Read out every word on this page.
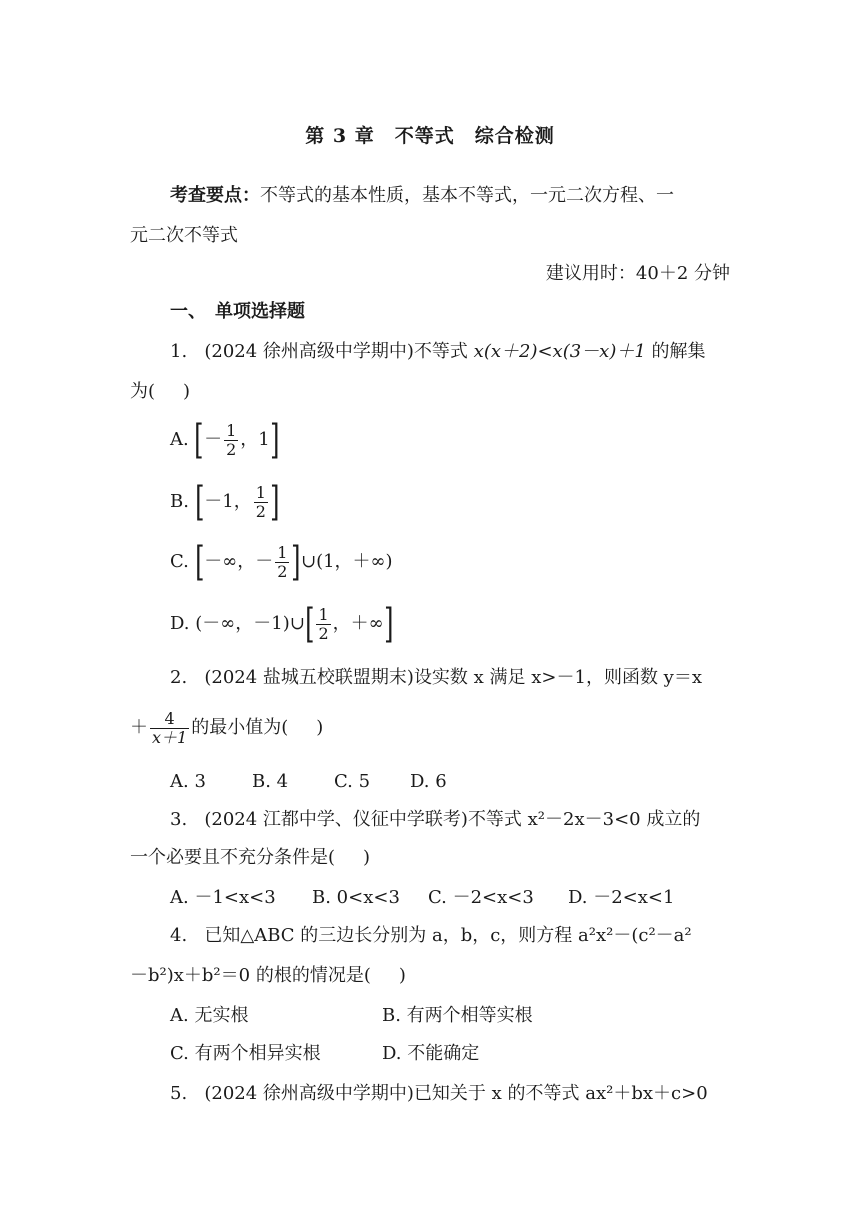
第 3 章　不等式　综合检测
考查要点：不等式的基本性质，基本不等式，一元二次方程、一
元二次不等式
建议用时：40＋2 分钟
一、　单项选择题
1. (2024 徐州高级中学期中)不等式 x(x＋2)<x(3－x)＋1 的解集
为( )
A. [－ $\frac{1}{2}$ ，1]
B. [－1， $\frac{1}{2}$ ]
C. [－∞，－ $\frac{1}{2}$ ]∪(1，＋∞)
D. (－∞，－1)∪[ $\frac{1}{2}$ ，＋∞]
2. (2024 盐城五校联盟期末)设实数 x 满足 x>－1，则函数 y＝x
＋ $\frac{4}{x+1}$ 的最小值为( )
A. 3	B. 4	C. 5 D. 6
3. (2024 江都中学、仪征中学联考)不等式 x²－2x－3<0 成立的
一个必要且不充分条件是( )
A. －1<x<3 B. 0<x<3 C. －2<x<3 D. －2<x<1
4. 已知△ABC 的三边长分别为 a，b，c，则方程 a²x²－(c²－a²
－b²)x＋b²＝0 的根的情况是( )
A. 无实根	B. 有两个相等实根
C. 有两个相异实根	D. 不能确定
5. (2024 徐州高级中学期中)已知关于 x 的不等式 ax²＋bx＋c>0
